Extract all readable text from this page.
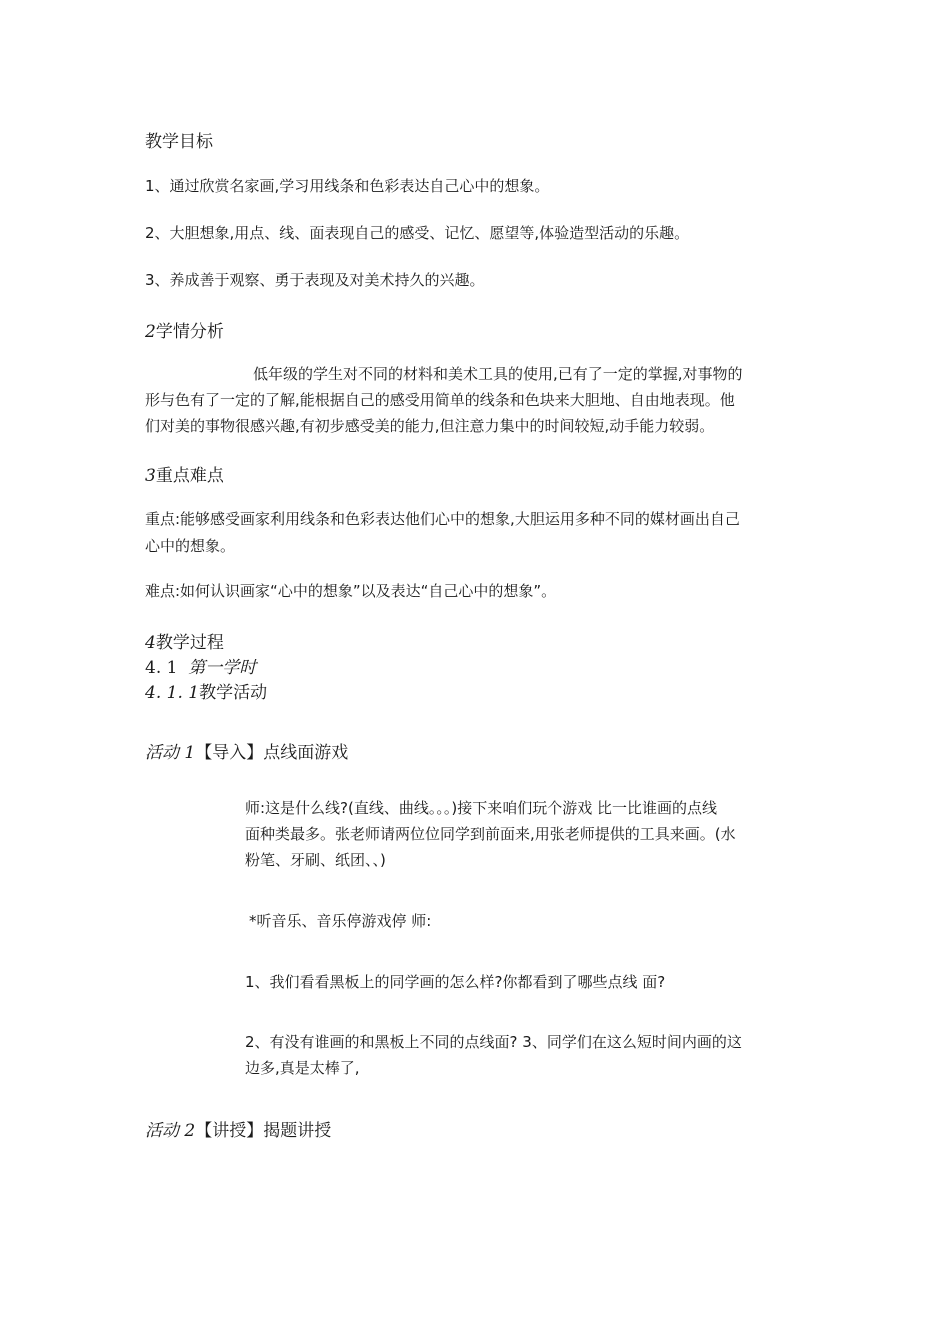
教学目标

1、通过欣赏名家画,学习用线条和色彩表达自己心中的想象。

2、大胆想象,用点、线、面表现自己的感受、记忆、愿望等,体验造型活动的乐趣。

3、养成善于观察、勇于表现及对美术持久的兴趣。

2学情分析

低年级的学生对不同的材料和美术工具的使用,已有了一定的掌握,对事物的

形与色有了一定的了解,能根据自己的感受用简单的线条和色块来大胆地、自由地表现。他

们对美的事物很感兴趣,有初步感受美的能力,但注意力集中的时间较短,动手能力较弱。

3重点难点

重点:能够感受画家利用线条和色彩表达他们心中的想象,大胆运用多种不同的媒材画出自己

心中的想象。

难点:如何认识画家“心中的想象”以及表达“自己心中的想象”。

4教学过程

4. 1 第一学时

4. 1. 1教学活动

活动 1【导入】点线面游戏

师:这是什么线?(直线、曲线。。。)接下来咱们玩个游戏 比一比谁画的点线

面种类最多。张老师请两位位同学到前面来,用张老师提供的工具来画。(水

粉笔、牙刷、纸团、、)

*听音乐、音乐停游戏停 师:

1、我们看看黑板上的同学画的怎么样?你都看到了哪些点线 面?

2、有没有谁画的和黑板上不同的点线面? 3、同学们在这么短时间内画的这

边多,真是太棒了,

活动 2【讲授】揭题讲授
